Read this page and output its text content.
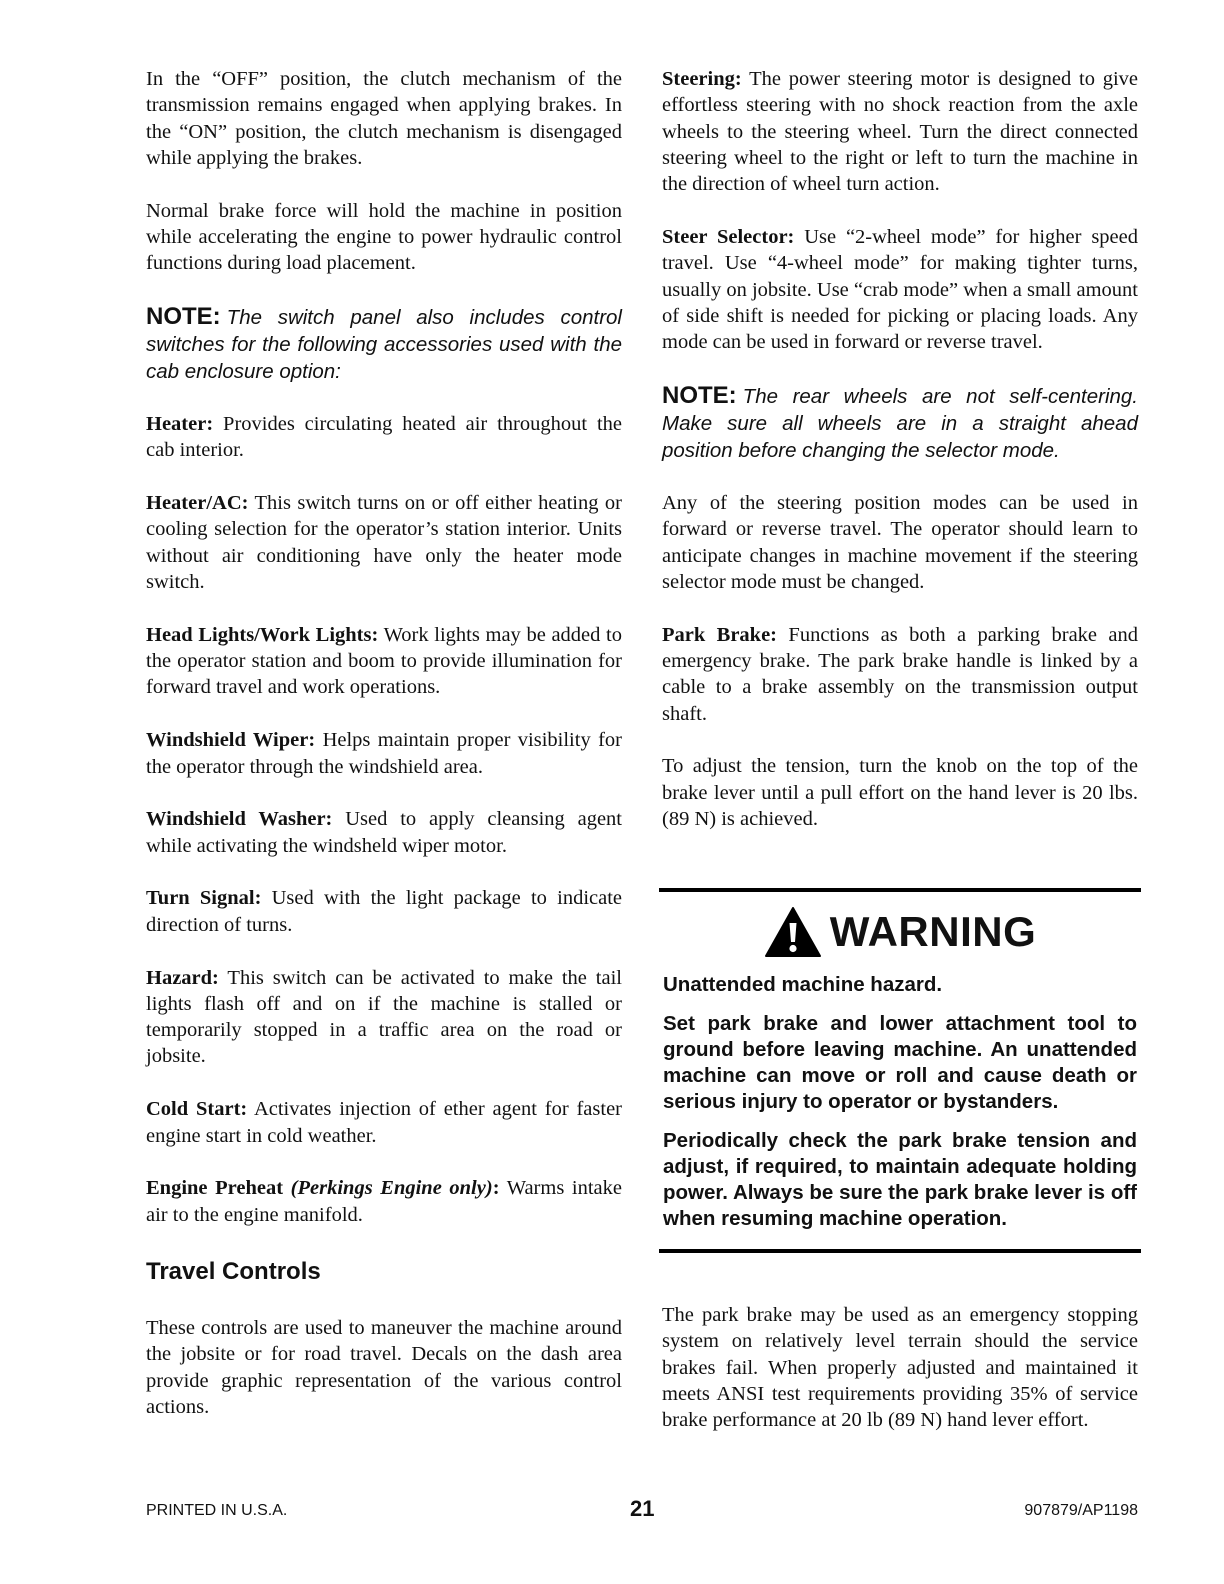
In the “OFF” position, the clutch mechanism of the transmission remains engaged when applying brakes. In the “ON” position, the clutch mechanism is disengaged while applying the brakes.

Normal brake force will hold the machine in position while accelerating the engine to power hydraulic control functions during load placement.

NOTE: The switch panel also includes control switches for the following accessories used with the cab enclosure option:

Heater: Provides circulating heated air throughout the cab interior.

Heater/AC: This switch turns on or off either heating or cooling selection for the operator’s station interior. Units without air conditioning have only the heater mode switch.

Head Lights/Work Lights: Work lights may be added to the operator station and boom to provide illumination for forward travel and work operations.

Windshield Wiper: Helps maintain proper visibility for the operator through the windshield area.

Windshield Washer: Used to apply cleansing agent while activating the windsheld wiper motor.

Turn Signal: Used with the light package to indicate direction of turns.

Hazard: This switch can be activated to make the tail lights flash off and on if the machine is stalled or temporarily stopped in a traffic area on the road or jobsite.

Cold Start: Activates injection of ether agent for faster engine start in cold weather.

Engine Preheat (Perkings Engine only): Warms intake air to the engine manifold.

Travel Controls

These controls are used to maneuver the machine around the jobsite or for road travel. Decals on the dash area provide graphic representation of the various control actions.

Steering: The power steering motor is designed to give effortless steering with no shock reaction from the axle wheels to the steering wheel. Turn the direct connected steering wheel to the right or left to turn the machine in the direction of wheel turn action.

Steer Selector: Use “2-wheel mode” for higher speed travel. Use “4-wheel mode” for making tighter turns, usually on jobsite. Use “crab mode” when a small amount of side shift is needed for picking or placing loads. Any mode can be used in forward or reverse travel.

NOTE: The rear wheels are not self-centering. Make sure all wheels are in a straight ahead position before changing the selector mode.

Any of the steering position modes can be used in forward or reverse travel. The operator should learn to anticipate changes in machine movement if the steering selector mode must be changed.

Park Brake: Functions as both a parking brake and emergency brake. The park brake handle is linked by a cable to a brake assembly on the transmission output shaft.

To adjust the tension, turn the knob on the top of the brake lever until a pull effort on the hand lever is 20 lbs. (89 N) is achieved.

WARNING

Unattended machine hazard.

Set park brake and lower attachment tool to ground before leaving machine. An unattended machine can move or roll and cause death or serious injury to operator or bystanders.

Periodically check the park brake tension and adjust, if required, to maintain adequate holding power. Always be sure the park brake lever is off when resuming machine operation.

The park brake may be used as an emergency stopping system on relatively level terrain should the service brakes fail. When properly adjusted and maintained it meets ANSI test requirements providing 35% of service brake performance at 20 lb (89 N) hand lever effort.

PRINTED IN U.S.A.	21	907879/AP1198
